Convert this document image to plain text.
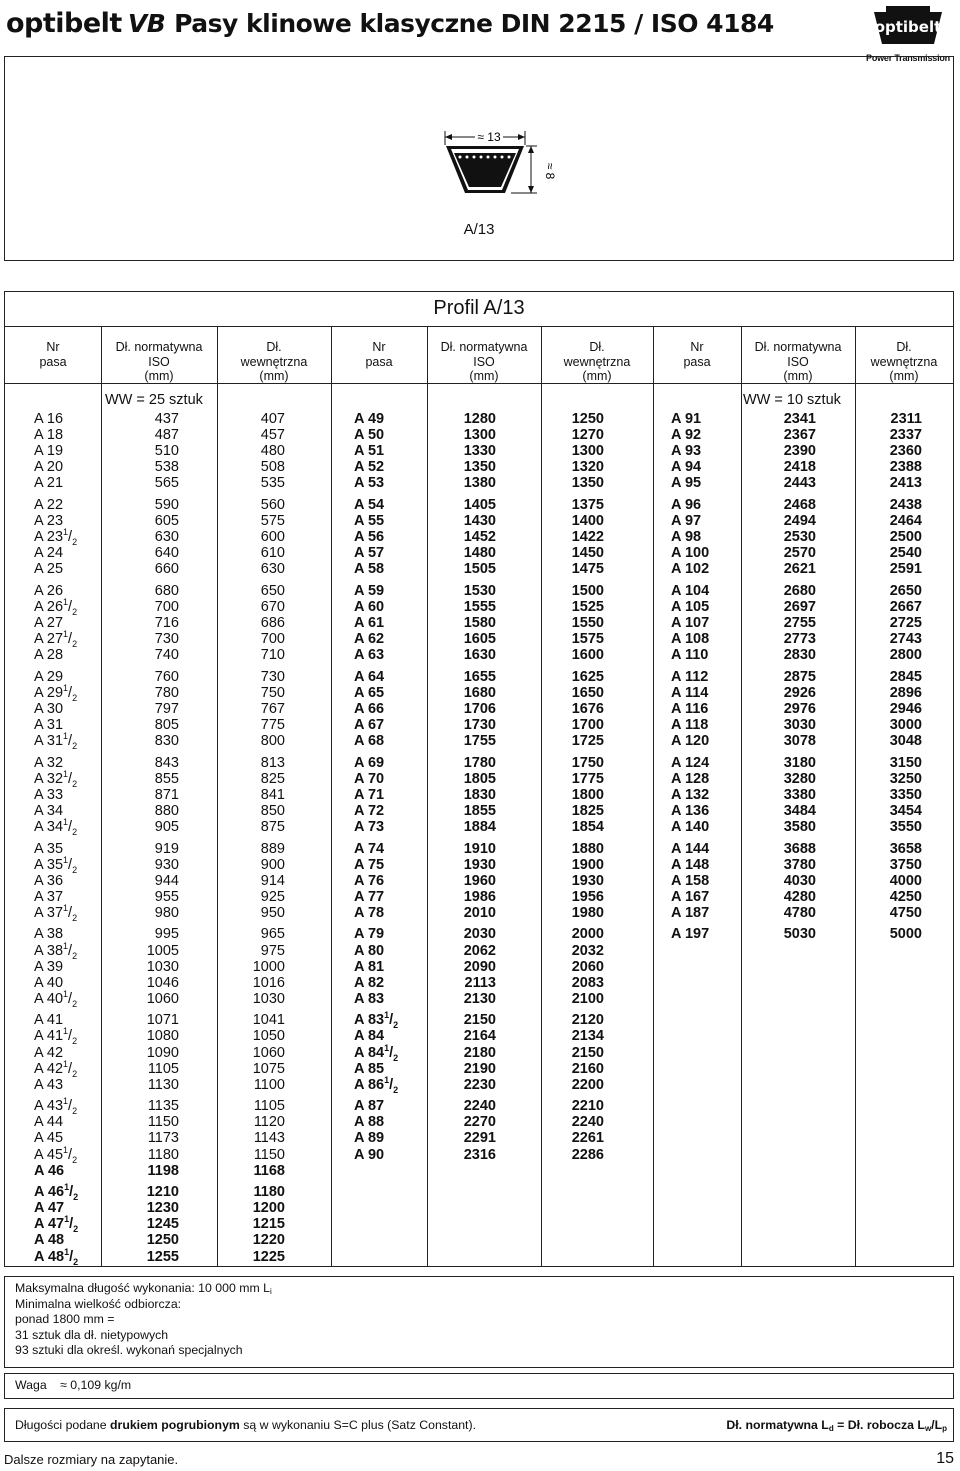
optibelt VB Pasy klinowe klasyczne DIN 2215 / ISO 4184	optibelt
Power Transmission
≈ 13
≈ 8
A/13
Profil A/13
Nr
pasa
Dł. normatywna
ISO
(mm)
Dł.
wewnętrzna
(mm)
Nr
pasa
Dł. normatywna
ISO
(mm)
Dł.
wewnętrzna
(mm)
Nr
pasa
Dł. normatywna
ISO
(mm)
Dł.
wewnętrzna
(mm)
WW = 25 sztuk	WW = 10 sztuk
A 16	437	407
A 18	487	457
A 19	510	480
A 20	538	508
A 21	565	535
A 22	590	560
A 23	605	575
A $23^1/_2$	630	600
A 24	640	610
A 25	660	630
A 26	680	650
A $26^1/_2$	700	670
A 27	716	686
A $27^1/_2$	730	700
A 28	740	710
A 29	760	730
A $29^1/_2$	780	750
A 30	797	767
A 31	805	775
A $31^1/_2$	830	800
A 32	843	813
A $32^1/_2$	855	825
A 33	871	841
A 34	880	850
A $34^1/_2$	905	875
A 35	919	889
A $35^1/_2$	930	900
A 36	944	914
A 37	955	925
A $37^1/_2$	980	950
A 38	995	965
A $38^1/_2$	1005	975
A 39	1030	1000
A 40	1046	1016
A $40^1/_2$	1060	1030
A 41	1071	1041
A $41^1/_2$	1080	1050
A 42	1090	1060
A $42^1/_2$	1105	1075
A 43	1130	1100
A $43^1/_2$	1135	1105
A 44	1150	1120
A 45	1173	1143
A $45^1/_2$	1180	1150
A 46	1198	1168
A $46^1/_2$	1210	1180
A 47	1230	1200
A $47^1/_2$	1245	1215
A 48	1250	1220
A $48^1/_2$	1255	1225
A 49	1280	1250
A 50	1300	1270
A 51	1330	1300
A 52	1350	1320
A 53	1380	1350
A 54	1405	1375
A 55	1430	1400
A 56	1452	1422
A 57	1480	1450
A 58	1505	1475
A 59	1530	1500
A 60	1555	1525
A 61	1580	1550
A 62	1605	1575
A 63	1630	1600
A 64	1655	1625
A 65	1680	1650
A 66	1706	1676
A 67	1730	1700
A 68	1755	1725
A 69	1780	1750
A 70	1805	1775
A 71	1830	1800
A 72	1855	1825
A 73	1884	1854
A 74	1910	1880
A 75	1930	1900
A 76	1960	1930
A 77	1986	1956
A 78	2010	1980
A 79	2030	2000
A 80	2062	2032
A 81	2090	2060
A 82	2113	2083
A 83	2130	2100
A $83^1/_2$	2150	2120
A 84	2164	2134
A $84^1/_2$	2180	2150
A 85	2190	2160
A $86^1/_2$	2230	2200
A 87	2240	2210
A 88	2270	2240
A 89	2291	2261
A 90	2316	2286
A 91	2341	2311
A 92	2367	2337
A 93	2390	2360
A 94	2418	2388
A 95	2443	2413
A 96	2468	2438
A 97	2494	2464
A 98	2530	2500
A 100	2570	2540
A 102	2621	2591
A 104	2680	2650
A 105	2697	2667
A 107	2755	2725
A 108	2773	2743
A 110	2830	2800
A 112	2875	2845
A 114	2926	2896
A 116	2976	2946
A 118	3030	3000
A 120	3078	3048
A 124	3180	3150
A 128	3280	3250
A 132	3380	3350
A 136	3484	3454
A 140	3580	3550
A 144	3688	3658
A 148	3780	3750
A 158	4030	4000
A 167	4280	4250
A 187	4780	4750
A 197	5030	5000
Maksymalna długość wykonania: 10 000 mm $L_i$
Minimalna wielkość odbiorcza:
ponad 1800 mm =
31 sztuk dla dł. nietypowych
93 sztuki dla określ. wykonań specjalnych
Waga ≈ 0,109 kg/m
Długości podane drukiem pogrubionym są w wykonaniu S=C plus (Satz Constant).	Dł. normatywna $L_d$ = Dł. robocza $L_w/L_p$
Dalsze rozmiary na zapytanie.	15
